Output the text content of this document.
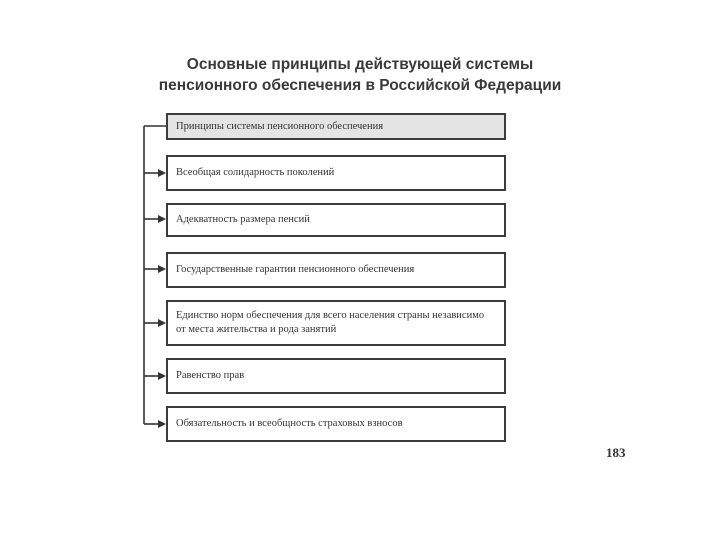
Основные принципы действующей системы
пенсионного обеспечения в Российской Федерации
Принципы системы пенсионного обеспечения
Всеобщая солидарность поколений
Адекватность размера пенсий
Государственные гарантии пенсионного обеспечения
Единство норм обеспечения для всего населения страны независимо от места жительства и рода занятий
Равенство прав
Обязательность и всеобщность страховых взносов
183
